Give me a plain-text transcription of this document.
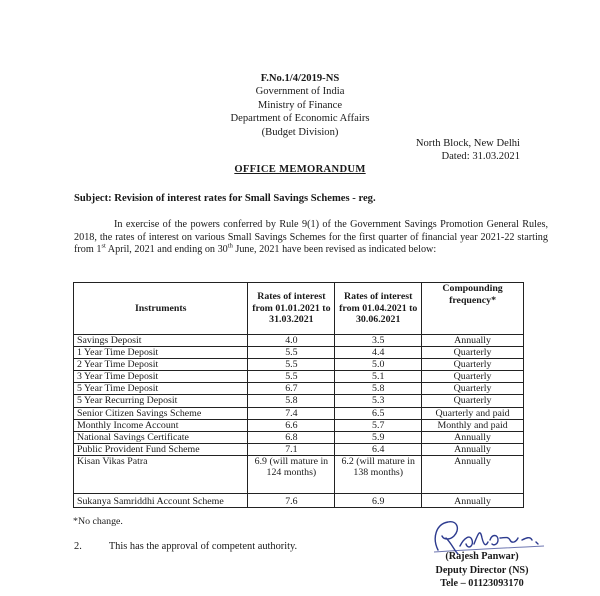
F.No.1/4/2019-NS
Government of India
Ministry of Finance
Department of Economic Affairs
(Budget Division)
North Block, New Delhi
Dated: 31.03.2021
OFFICE MEMORANDUM
Subject: Revision of interest rates for Small Savings Schemes - reg.
In exercise of the powers conferred by Rule 9(1) of the Government Savings Promotion General Rules, 2018, the rates of interest on various Small Savings Schemes for the first quarter of financial year 2021-22 starting from 1st April, 2021 and ending on 30th June, 2021 have been revised as indicated below:
Instruments	Rates of interest from 01.01.2021 to 31.03.2021	Rates of interest from 01.04.2021 to 30.06.2021	Compounding frequency*
Savings Deposit	4.0	3.5	Annually
1 Year Time Deposit	5.5	4.4	Quarterly
2 Year Time Deposit	5.5	5.0	Quarterly
3 Year Time Deposit	5.5	5.1	Quarterly
5 Year Time Deposit	6.7	5.8	Quarterly
5 Year Recurring Deposit	5.8	5.3	Quarterly
Senior Citizen Savings Scheme	7.4	6.5	Quarterly and paid
Monthly Income Account	6.6	5.7	Monthly and paid
National Savings Certificate	6.8	5.9	Annually
Public Provident Fund Scheme	7.1	6.4	Annually
Kisan Vikas Patra	6.9 (will mature in 124 months)	6.2 (will mature in 138 months)	Annually
Sukanya Samriddhi Account Scheme	7.6	6.9	Annually
*No change.
2.	This has the approval of competent authority.
(Rajesh Panwar)
Deputy Director (NS)
Tele – 01123093170
